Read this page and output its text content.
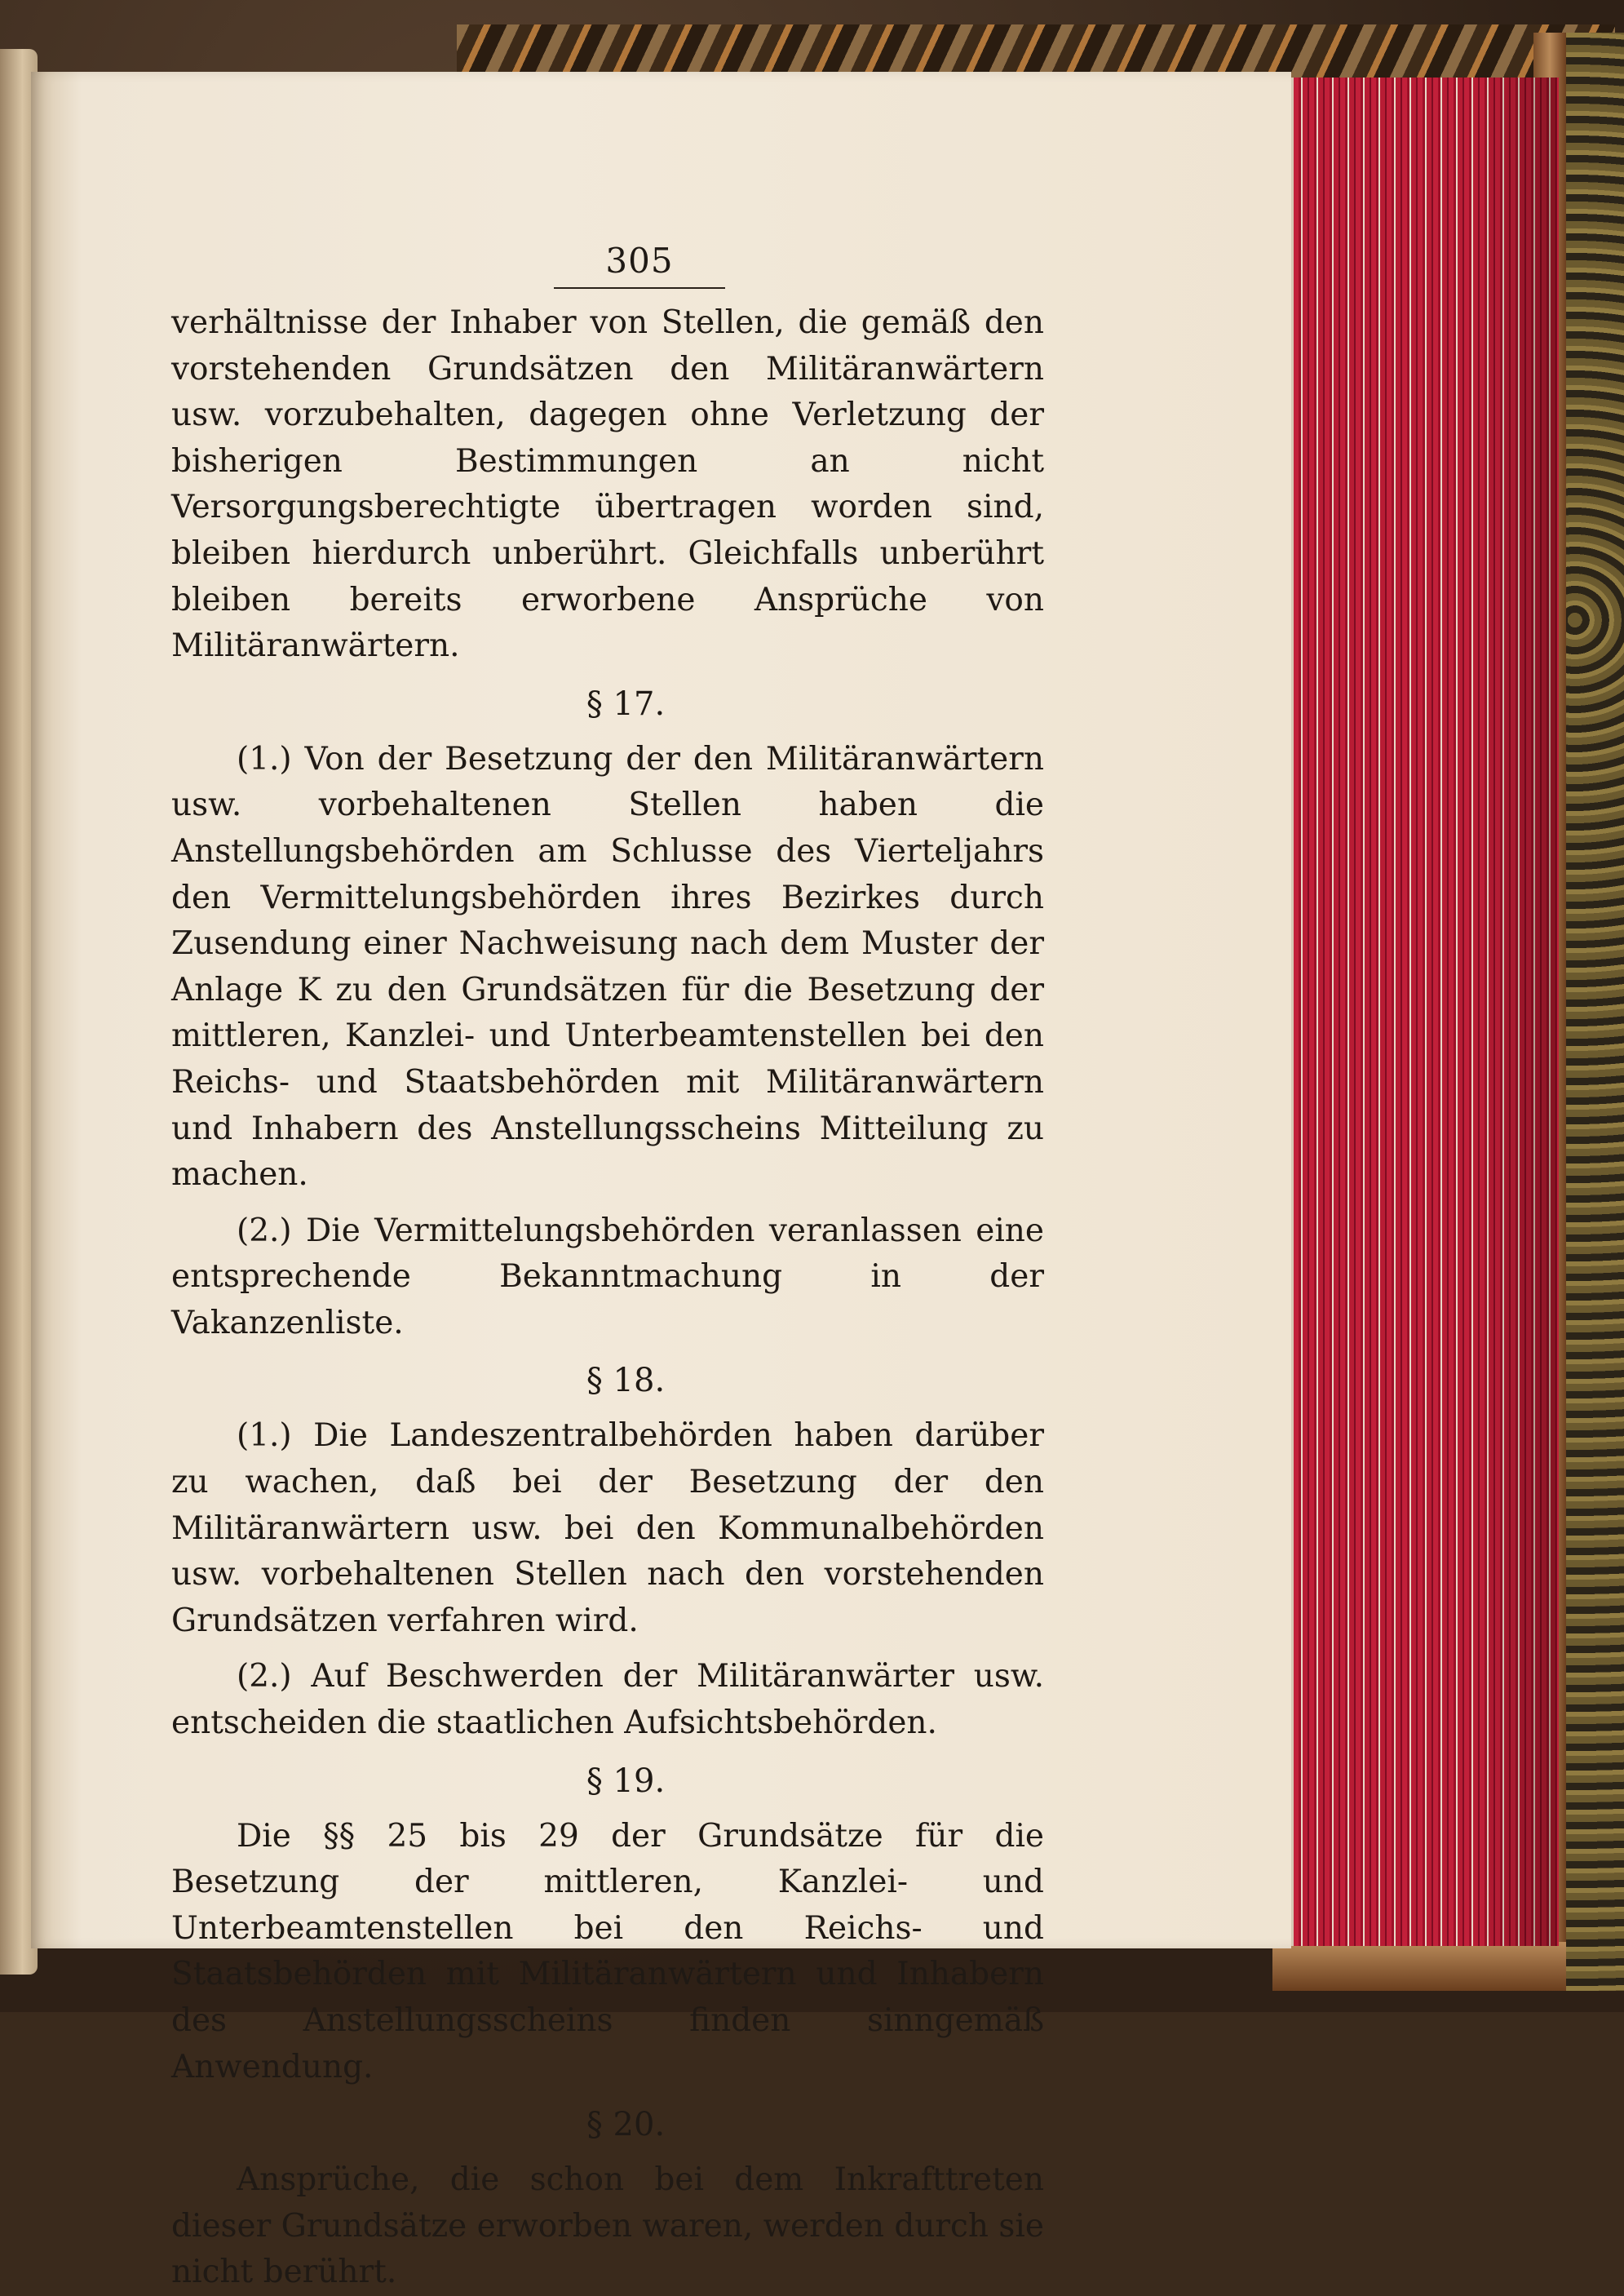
305

verhältnisse der Inhaber von Stellen, die gemäß den vorstehenden Grundsätzen den Militäranwärtern usw. vorzubehalten, dagegen ohne Verletzung der bisherigen Bestimmungen an nicht Versorgungsberechtigte übertragen worden sind, bleiben hierdurch unberührt. Gleichfalls unberührt bleiben bereits erworbene Ansprüche von Militäranwärtern.

§ 17.

(1.) Von der Besetzung der den Militäranwärtern usw. vorbehaltenen Stellen haben die Anstellungsbehörden am Schlusse des Vierteljahrs den Vermittelungsbehörden ihres Bezirkes durch Zusendung einer Nachweisung nach dem Muster der Anlage K zu den Grundsätzen für die Besetzung der mittleren, Kanzlei- und Unterbeamtenstellen bei den Reichs- und Staatsbehörden mit Militäranwärtern und Inhabern des Anstellungsscheins Mitteilung zu machen.

(2.) Die Vermittelungsbehörden veranlassen eine entsprechende Bekanntmachung in der Vakanzenliste.

§ 18.

(1.) Die Landeszentralbehörden haben darüber zu wachen, daß bei der Besetzung der den Militäranwärtern usw. bei den Kommunalbehörden usw. vorbehaltenen Stellen nach den vorstehenden Grundsätzen verfahren wird.

(2.) Auf Beschwerden der Militäranwärter usw. entscheiden die staatlichen Aufsichtsbehörden.

§ 19.

Die §§ 25 bis 29 der Grundsätze für die Besetzung der mittleren, Kanzlei- und Unterbeamtenstellen bei den Reichs- und Staatsbehörden mit Militäranwärtern und Inhabern des Anstellungsscheins finden sinngemäß Anwendung.

§ 20.

Ansprüche, die schon bei dem Inkrafttreten dieser Grundsätze erworben waren, werden durch sie nicht berührt.
